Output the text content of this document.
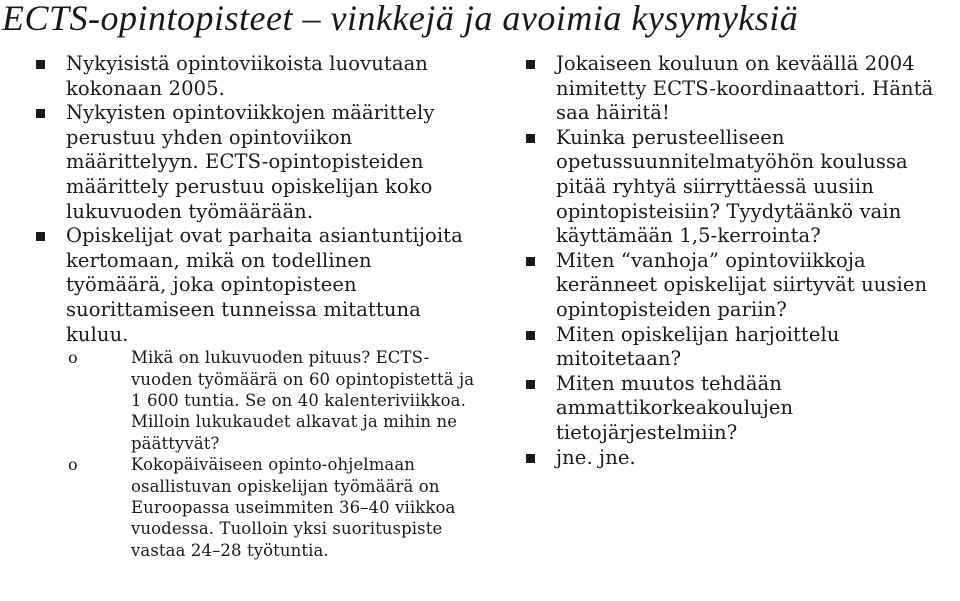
ECTS-opintopisteet – vinkkejä ja avoimia kysymyksiä
Nykyisistä opintoviikoista luovutaan kokonaan 2005.
Nykyisten opintoviikkojen määrittely perustuu yhden opintoviikon määrittelyyn. ECTS-opintopisteiden määrittely perustuu opiskelijan koko lukuvuoden työmäärään.
Opiskelijat ovat parhaita asiantuntijoita kertomaan, mikä on todellinen työmäärä, joka opintopisteen suorittamiseen tunneissa mitattuna kuluu.
o	Mikä on lukuvuoden pituus? ECTS-vuoden työmäärä on 60 opintopistettä ja 1 600 tuntia. Se on 40 kalenteriviikkoa. Milloin lukukaudet alkavat ja mihin ne päättyvät?
o	Kokopäiväiseen opinto-ohjelmaan osallistuvan opiskelijan työmäärä on Euroopassa useimmiten 36–40 viikkoa vuodessa. Tuolloin yksi suorituspiste vastaa 24–28 työtuntia.
Jokaiseen kouluun on keväällä 2004 nimitetty ECTS-koordinaattori. Häntä saa häiritä!
Kuinka perusteelliseen opetussuunnitelmatyöhön koulussa pitää ryhtyä siirryttäessä uusiin opintopisteisiin? Tyydytäänkö vain käyttämään 1,5-kerrointa?
Miten “vanhoja” opintoviikkoja keränneet opiskelijat siirtyvät uusien opintopisteiden pariin?
Miten opiskelijan harjoittelu mitoitetaan?
Miten muutos tehdään ammattikorkeakoulujen tietojärjestelmiin?
jne. jne.
